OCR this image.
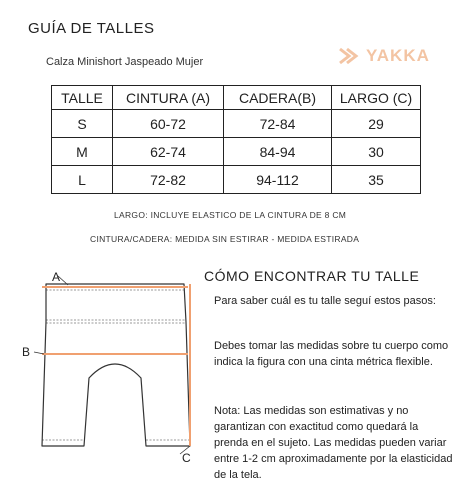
GUÍA DE TALLES
Calza Minishort Jaspeado Mujer	YAKKA
TALLE	CINTURA (A)	CADERA(B)	LARGO (C)
S	60-72	72-84	29
M	62-74	84-94	30
L	72-82	94-112	35
LARGO: INCLUYE ELASTICO DE LA CINTURA DE 8 CM
CINTURA/CADERA: MEDIDA SIN ESTIRAR - MEDIDA ESTIRADA
A
B
C
CÓMO ENCONTRAR TU TALLE
Para saber cuál es tu talle seguí estos pasos:
Debes tomar las medidas sobre tu cuerpo como indica la figura con una cinta métrica flexible.
Nota: Las medidas son estimativas y no garantizan con exactitud como quedará la prenda en el sujeto. Las medidas pueden variar entre 1-2 cm aproximadamente por la elasticidad de la tela.
